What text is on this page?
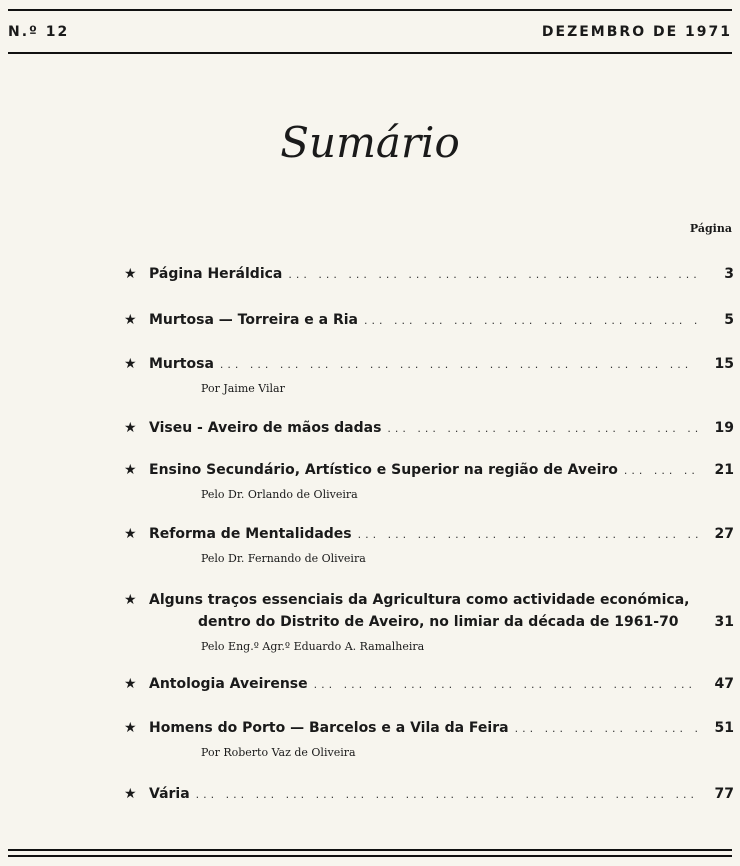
N.º 12	DEZEMBRO DE 1971
Sumário
Página
★ Página Heráldica ... .	3
★ Murtosa — Torreira e a Ria ... .	5
★ Murtosa ... .	15
Por Jaime Vilar
★ Viseu - Aveiro de mãos dadas ... .	19
★ Ensino Secundário, Artístico e Superior na região de Aveiro ... .	21
Pelo Dr. Orlando de Oliveira
★ Reforma de Mentalidades ... .	27
Pelo Dr. Fernando de Oliveira
★ Alguns traços essenciais da Agricultura como actividade económica,
dentro do Distrito de Aveiro, no limiar da década de 1961-70	31
Pelo Eng.º Agr.º Eduardo A. Ramalheira
★ Antologia Aveirense ... .	47
★ Homens do Porto — Barcelos e a Vila da Feira ... .	51
Por Roberto Vaz de Oliveira
★ Vária ... .	77
